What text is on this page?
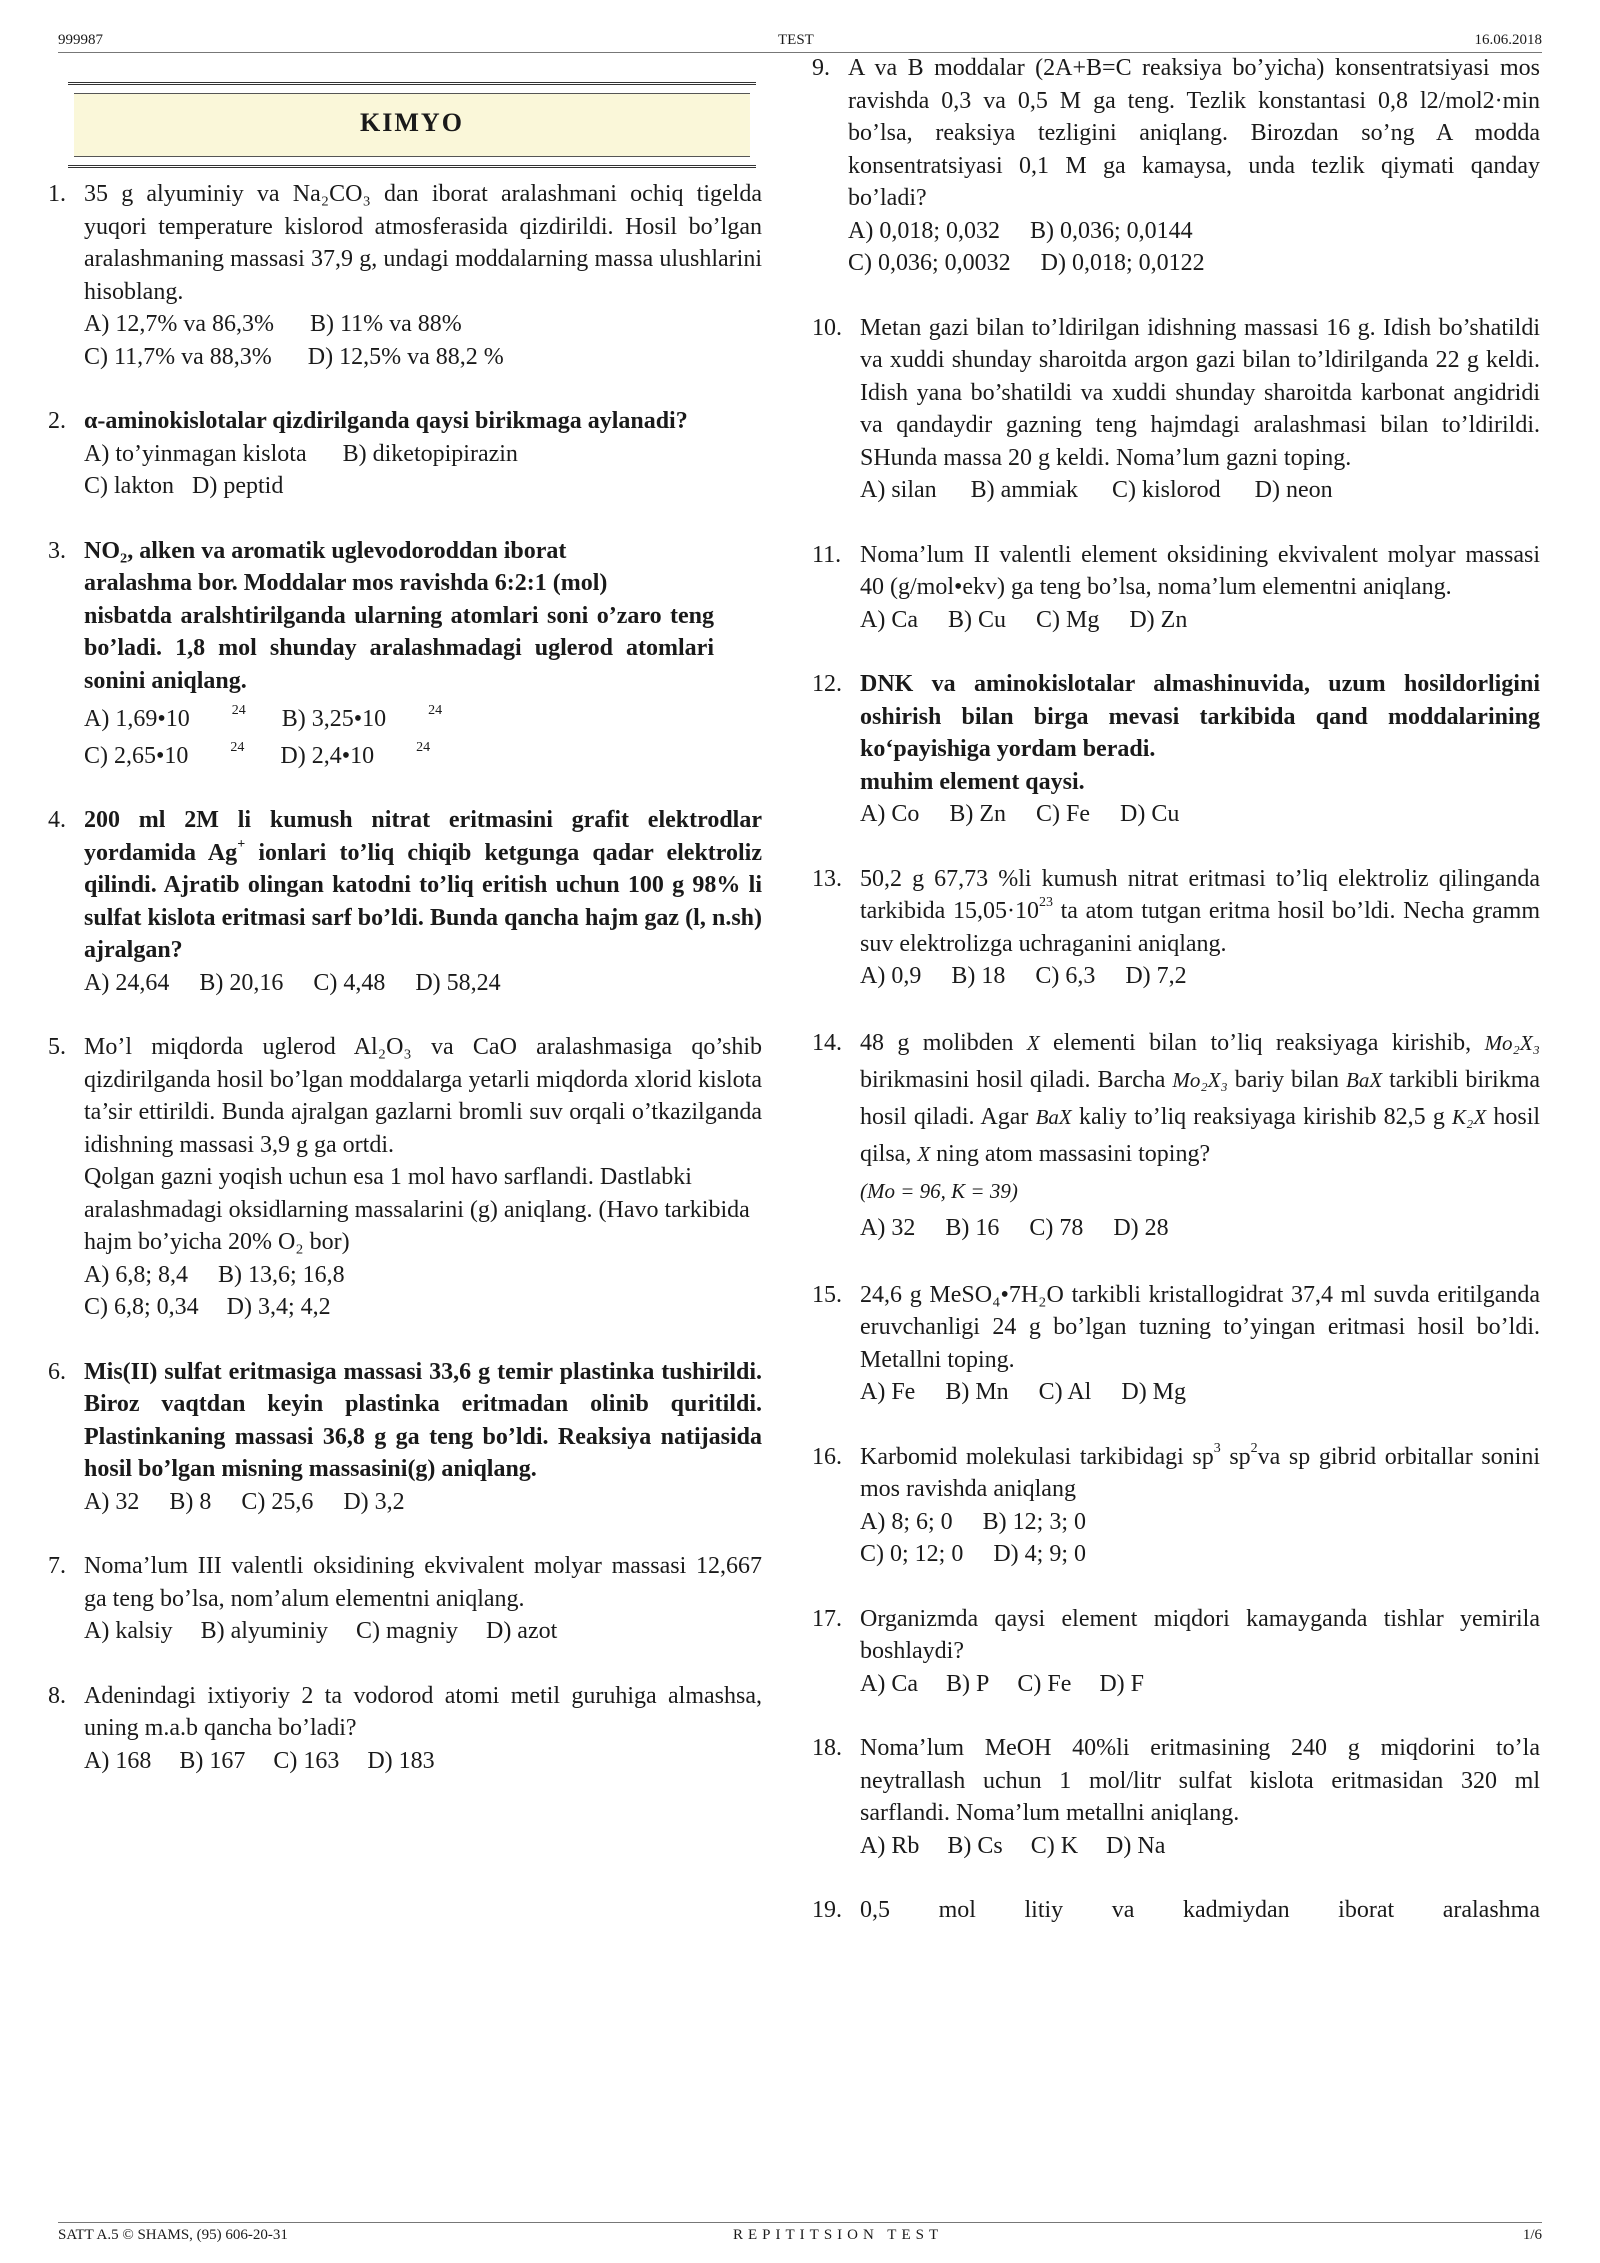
999987	TEST	16.06.2018
KIMYO
1. 35 g alyuminiy va Na₂CO₃ dan iborat aralashmani ochiq tigelda yuqori temperature kislorod atmosferasida qizdirildi. Hosil bo’lgan aralashmaning massasi 37,9 g, undagi moddalarning massa ulushlarini hisoblang.
A) 12,7% va 86,3% B) 11% va 88%
C) 11,7% va 88,3% D) 12,5% va 88,2 %
2. α-aminokislotalar qizdirilganda qaysi birikmaga aylanadi?
A) to’yinmagan kislota B) diketopipirazin
C) lakton D) peptid
3. NO₂, alken va aromatik uglevodoroddan iborat
aralashma bor. Moddalar mos ravishda 6:2:1 (mol)
nisbatda aralshtirilganda ularning atomlari soni o’zaro teng bo’ladi. 1,8 mol shunday aralashmadagi uglerod atomlari sonini aniqlang.
A) 1,69•10	$^{24}$ B) 3,25•10	$^{24}$
C) 2,65•10	$^{24}$ D) 2,4•10	$^{24}$
4. 200 ml 2M li kumush nitrat eritmasini grafit elektrodlar yordamida Ag+ ionlari to’liq chiqib ketgunga qadar elektroliz qilindi. Ajratib olingan katodni to’liq eritish uchun 100 g 98% li sulfat kislota eritmasi sarf bo’ldi. Bunda qancha hajm gaz (l, n.sh) ajralgan?
A) 24,64 B) 20,16 C) 4,48 D) 58,24
5. Mo’l miqdorda uglerod Al₂O₃ va CaO aralashmasiga qo’shib qizdirilganda hosil bo’lgan moddalarga yetarli miqdorda xlorid kislota ta’sir ettirildi. Bunda ajralgan gazlarni bromli suv orqali o’tkazilganda idishning massasi 3,9 g ga ortdi.
Qolgan gazni yoqish uchun esa 1 mol havo sarflandi. Dastlabki aralashmadagi oksidlarning massalarini (g) aniqlang. (Havo tarkibida hajm bo’yicha 20% O₂ bor)
A) 6,8; 8,4 B) 13,6; 16,8
C) 6,8; 0,34 D) 3,4; 4,2
6. Mis(II) sulfat eritmasiga massasi 33,6 g temir plastinka tushirildi. Biroz vaqtdan keyin plastinka eritmadan olinib quritildi. Plastinkaning massasi 36,8 g ga teng bo’ldi. Reaksiya natijasida hosil bo’lgan misning massasini(g) aniqlang.
A) 32 B) 8 C) 25,6 D) 3,2
7. Noma’lum III valentli oksidining ekvivalent molyar massasi 12,667 ga teng bo’lsa, nom’alum elementni aniqlang.
A) kalsiy B) alyuminiy C) magniy D) azot
8. Adenindagi ixtiyoriy 2 ta vodorod atomi metil guruhiga almashsa, uning m.a.b qancha bo’ladi?
A) 168 B) 167 C) 163 D) 183
9. A va B moddalar (2A+B=C reaksiya bo’yicha) konsentratsiyasi mos ravishda 0,3 va 0,5 M ga teng. Tezlik konstantasi 0,8 l2/mol2·min bo’lsa, reaksiya tezligini aniqlang. Birozdan so’ng A modda konsentratsiyasi 0,1 M ga kamaysa, unda tezlik qiymati qanday bo’ladi?
A) 0,018; 0,032 B) 0,036; 0,0144
C) 0,036; 0,0032 D) 0,018; 0,0122
10. Metan gazi bilan to’ldirilgan idishning massasi 16 g. Idish bo’shatildi va xuddi shunday sharoitda argon gazi bilan to’ldirilganda 22 g keldi. Idish yana bo’shatildi va xuddi shunday sharoitda karbonat angidridi va qandaydir gazning teng hajmdagi aralashmasi bilan to’ldirildi. SHunda massa 20 g keldi. Noma’lum gazni toping.
A) silan B) ammiak C) kislorod D) neon
11. Noma’lum II valentli element oksidining ekvivalent molyar massasi 40 (g/mol•ekv) ga teng bo’lsa, noma’lum elementni aniqlang.
A) Ca B) Cu C) Mg D) Zn
12. DNK va aminokislotalar almashinuvida, uzum hosildorligini oshirish bilan birga mevasi tarkibida qand moddalarining ko‘payishiga yordam beradi.
muhim element qaysi.
A) Co B) Zn C) Fe D) Cu
13. 50,2 g 67,73 %li kumush nitrat eritmasi to’liq elektroliz qilinganda tarkibida $15,05\cdot 10^{23}$ ta atom tutgan eritma hosil bo’ldi. Necha gramm suv elektrolizga uchraganini aniqlang.
A) 0,9 B) 18 C) 6,3 D) 7,2
14. 48 g molibden X elementi bilan to’liq reaksiyaga kirishib, Mo₂X₃ birikmasini hosil qiladi. Barcha Mo₂X₃ bariy bilan BaX tarkibli birikma hosil qiladi. Agar BaX kaliy to’liq reaksiyaga kirishib 82,5 g K₂X hosil qilsa, X ning atom massasini toping?
(Mo = 96, K = 39)
A) 32 B) 16 C) 78 D) 28
15. 24,6 g MeSO₄•7H₂O tarkibli kristallogidrat 37,4 ml suvda eritilganda eruvchanligi 24 g bo’lgan tuzning to’yingan eritmasi hosil bo’ldi. Metallni toping.
A) Fe B) Mn C) Al D) Mg
16. Karbomid molekulasi tarkibidagi $sp^3$ $sp^2va$ sp gibrid orbitallar sonini mos ravishda aniqlang
A) 8; 6; 0 B) 12; 3; 0
C) 0; 12; 0 D) 4; 9; 0
17. Organizmda qaysi element miqdori kamayganda tishlar yemirila boshlaydi?
A) Ca B) P C) Fe D) F
18. Noma’lum MeOH 40%li eritmasining 240 g miqdorini to’la neytrallash uchun 1 mol/litr sulfat kislota eritmasidan 320 ml sarflandi. Noma’lum metallni aniqlang.
A) Rb B) Cs C) K D) Na
19. 0,5 mol litiy va kadmiydan iborat aralashma
SATT A.5 © SHAMS, (95) 606-20-31	REPITITSION TEST	1/6
